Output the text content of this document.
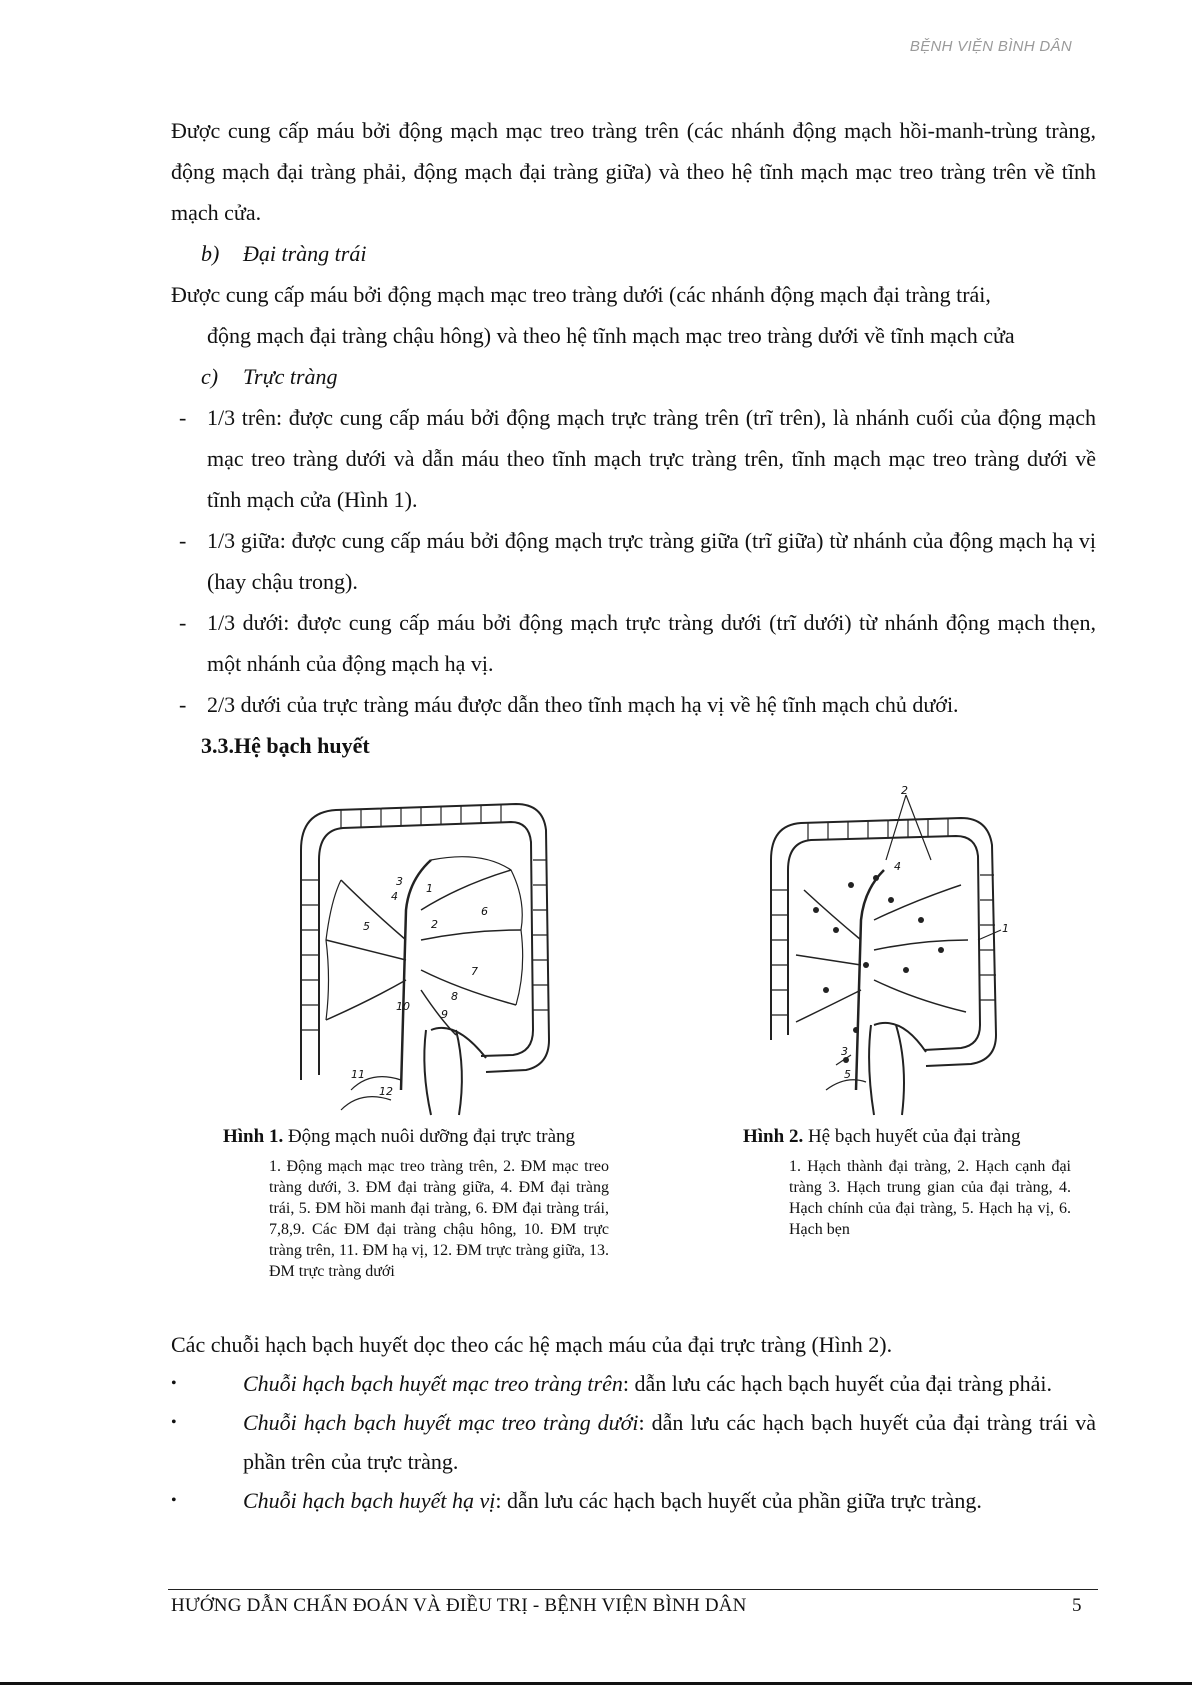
BỆNH VIỆN BÌNH DÂN

Được cung cấp máu bởi động mạch mạc treo tràng trên (các nhánh động mạch hồi-manh-trùng tràng, động mạch đại tràng phải, động mạch đại tràng giữa) và theo hệ tĩnh mạch mạc treo tràng trên về tĩnh mạch cửa.

b) Đại tràng trái

Được cung cấp máu bởi động mạch mạc treo tràng dưới (các nhánh động mạch đại tràng trái,

động mạch đại tràng chậu hông) và theo hệ tĩnh mạch mạc treo tràng dưới về tĩnh mạch cửa

c) Trực tràng

- 1/3 trên: được cung cấp máu bởi động mạch trực tràng trên (trĩ trên), là nhánh cuối của động mạch mạc treo tràng dưới và dẫn máu theo tĩnh mạch trực tràng trên, tĩnh mạch mạc treo tràng dưới về tĩnh mạch cửa (Hình 1).

- 1/3 giữa: được cung cấp máu bởi động mạch trực tràng giữa (trĩ giữa) từ nhánh của động mạch hạ vị (hay chậu trong).

- 1/3 dưới: được cung cấp máu bởi động mạch trực tràng dưới (trĩ dưới) từ nhánh động mạch thẹn, một nhánh của động mạch hạ vị.

- 2/3 dưới của trực tràng máu được dẫn theo tĩnh mạch hạ vị về hệ tĩnh mạch chủ dưới.

3.3.Hệ bạch huyết

3
4
5
6
1
2
7
8
9
10
11
12
2
4
1
3
5
Hình 1. Động mạch nuôi dưỡng đại trực tràng
1. Động mạch mạc treo tràng trên, 2. ĐM mạc treo tràng dưới, 3. ĐM đại tràng giữa, 4. ĐM đại tràng trái, 5. ĐM hồi manh đại tràng, 6. ĐM đại tràng trái, 7,8,9. Các ĐM đại tràng chậu hông, 10. ĐM trực tràng trên, 11. ĐM hạ vị, 12. ĐM trực tràng giữa, 13. ĐM trực tràng dưới
Hình 2. Hệ bạch huyết của đại tràng
1. Hạch thành đại tràng, 2. Hạch cạnh đại tràng 3. Hạch trung gian của đại tràng, 4. Hạch chính của đại tràng, 5. Hạch hạ vị, 6. Hạch bẹn

Các chuỗi hạch bạch huyết dọc theo các hệ mạch máu của đại trực tràng (Hình 2).

•	Chuỗi hạch bạch huyết mạc treo tràng trên: dẫn lưu các hạch bạch huyết của đại tràng phải.

•	Chuỗi hạch bạch huyết mạc treo tràng dưới: dẫn lưu các hạch bạch huyết của đại tràng trái và phần trên của trực tràng.

•	Chuỗi hạch bạch huyết hạ vị: dẫn lưu các hạch bạch huyết của phần giữa trực tràng.

HƯỚNG DẪN CHẨN ĐOÁN VÀ ĐIỀU TRỊ - BỆNH VIỆN BÌNH DÂN	5
